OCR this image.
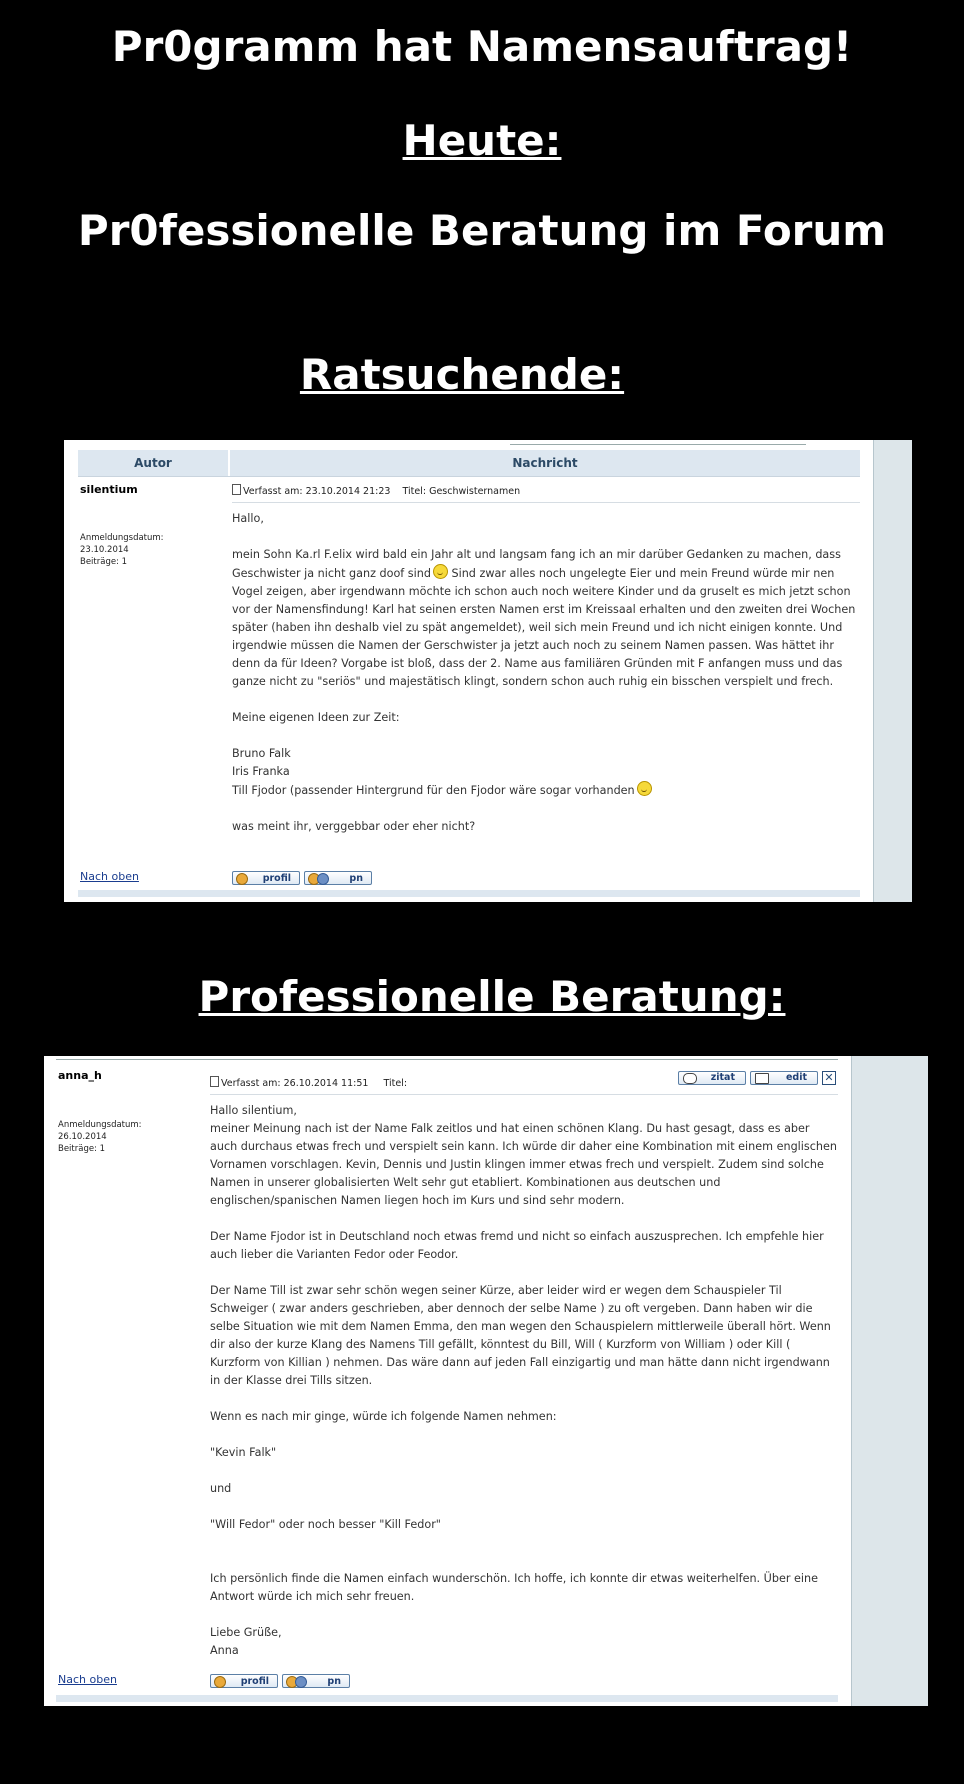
Pr0gramm hat Namensauftrag!
Heute:
Pr0fessionelle Beratung im Forum
Ratsuchende:
Professionelle Beratung:
Autor	Nachricht
silentium
Anmeldungsdatum:
23.10.2014
Beiträge: 1
Verfasst am: 23.10.2014 21:23 Titel: Geschwisternamen

Hallo,

mein Sohn Ka.rl F.elix wird bald ein Jahr alt und langsam fang ich an mir darüber Gedanken zu machen, dass Geschwister ja nicht ganz doof sind Sind zwar alles noch ungelegte Eier und mein Freund würde mir nen Vogel zeigen, aber irgendwann möchte ich schon auch noch weitere Kinder und da gruselt es mich jetzt schon vor der Namensfindung! Karl hat seinen ersten Namen erst im Kreissaal erhalten und den zweiten drei Wochen später (haben ihn deshalb viel zu spät angemeldet), weil sich mein Freund und ich nicht einigen konnte. Und irgendwie müssen die Namen der Gerschwister ja jetzt auch noch zu seinem Namen passen. Was hättet ihr denn da für Ideen? Vorgabe ist bloß, dass der 2. Name aus familiären Gründen mit F anfangen muss und das ganze nicht zu "seriös" und majestätisch klingt, sondern schon auch ruhig ein bisschen verspielt und frech.

Meine eigenen Ideen zur Zeit:

Bruno Falk

Iris Franka

Till Fjodor (passender Hintergrund für den Fjodor wäre sogar vorhanden

was meint ihr, verggebbar oder eher nicht?

Nach oben	profil	pn
anna_h
Anmeldungsdatum:
26.10.2014
Beiträge: 1
Verfasst am: 26.10.2014 11:51 Titel:
zitat	edit	✕

Hallo silentium,

meiner Meinung nach ist der Name Falk zeitlos und hat einen schönen Klang. Du hast gesagt, dass es aber auch durchaus etwas frech und verspielt sein kann. Ich würde dir daher eine Kombination mit einem englischen Vornamen vorschlagen. Kevin, Dennis und Justin klingen immer etwas frech und verspielt. Zudem sind solche Namen in unserer globalisierten Welt sehr gut etabliert. Kombinationen aus deutschen und englischen/spanischen Namen liegen hoch im Kurs und sind sehr modern.

Der Name Fjodor ist in Deutschland noch etwas fremd und nicht so einfach auszusprechen. Ich empfehle hier auch lieber die Varianten Fedor oder Feodor.

Der Name Till ist zwar sehr schön wegen seiner Kürze, aber leider wird er wegen dem Schauspieler Til Schweiger ( zwar anders geschrieben, aber dennoch der selbe Name ) zu oft vergeben. Dann haben wir die selbe Situation wie mit dem Namen Emma, den man wegen den Schauspielern mittlerweile überall hört. Wenn dir also der kurze Klang des Namens Till gefällt, könntest du Bill, Will ( Kurzform von William ) oder Kill ( Kurzform von Killian ) nehmen. Das wäre dann auf jeden Fall einzigartig und man hätte dann nicht irgendwann in der Klasse drei Tills sitzen.

Wenn es nach mir ginge, würde ich folgende Namen nehmen:

"Kevin Falk"

und

"Will Fedor" oder noch besser "Kill Fedor"

Ich persönlich finde die Namen einfach wunderschön. Ich hoffe, ich konnte dir etwas weiterhelfen. Über eine Antwort würde ich mich sehr freuen.

Liebe Grüße,

Anna

Nach oben	profil	pn
